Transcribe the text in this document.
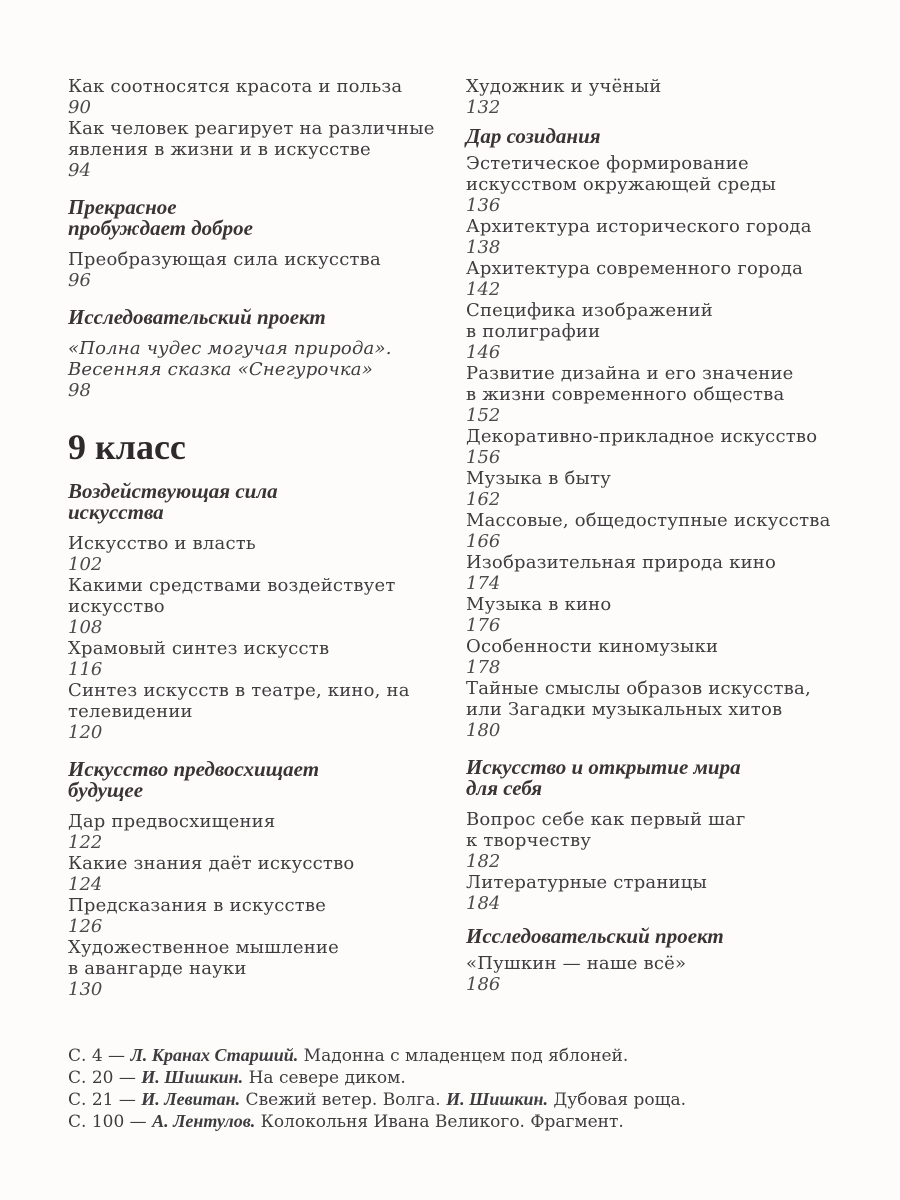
Как соотносятся красота и польза
90
Как человек реагирует на различные
явления в жизни и в искусстве
94
Прекрасное
пробуждает доброе
Преобразующая сила искусства
96
Исследовательский проект
«Полна чудес могучая природа».
Весенняя сказка «Снегурочка»
98
9 класс
Воздействующая сила
искусства
Искусство и власть
102
Какими средствами воздействует
искусство
108
Храмовый синтез искусств
116
Синтез искусств в театре, кино, на
телевидении
120
Искусство предвосхищает
будущее
Дар предвосхищения
122
Какие знания даёт искусство
124
Предсказания в искусстве
126
Художественное мышление
в авангарде науки
130
Художник и учёный
132
Дар созидания
Эстетическое формирование
искусством окружающей среды
136
Архитектура исторического города
138
Архитектура современного города
142
Специфика изображений
в полиграфии
146
Развитие дизайна и его значение
в жизни современного общества
152
Декоративно-прикладное искусство
156
Музыка в быту
162
Массовые, общедоступные искусства
166
Изобразительная природа кино
174
Музыка в кино
176
Особенности киномузыки
178
Тайные смыслы образов искусства,
или Загадки музыкальных хитов
180
Искусство и открытие мира
для себя
Вопрос себе как первый шаг
к творчеству
182
Литературные страницы
184
Исследовательский проект
«Пушкин — наше всё»
186
С. 4 — Л. Кранах Старший. Мадонна с младенцем под яблоней.
С. 20 — И. Шишкин. На севере диком.
С. 21 — И. Левитан. Свежий ветер. Волга. И. Шишкин. Дубовая роща.
С. 100 — А. Лентулов. Колокольня Ивана Великого. Фрагмент.
